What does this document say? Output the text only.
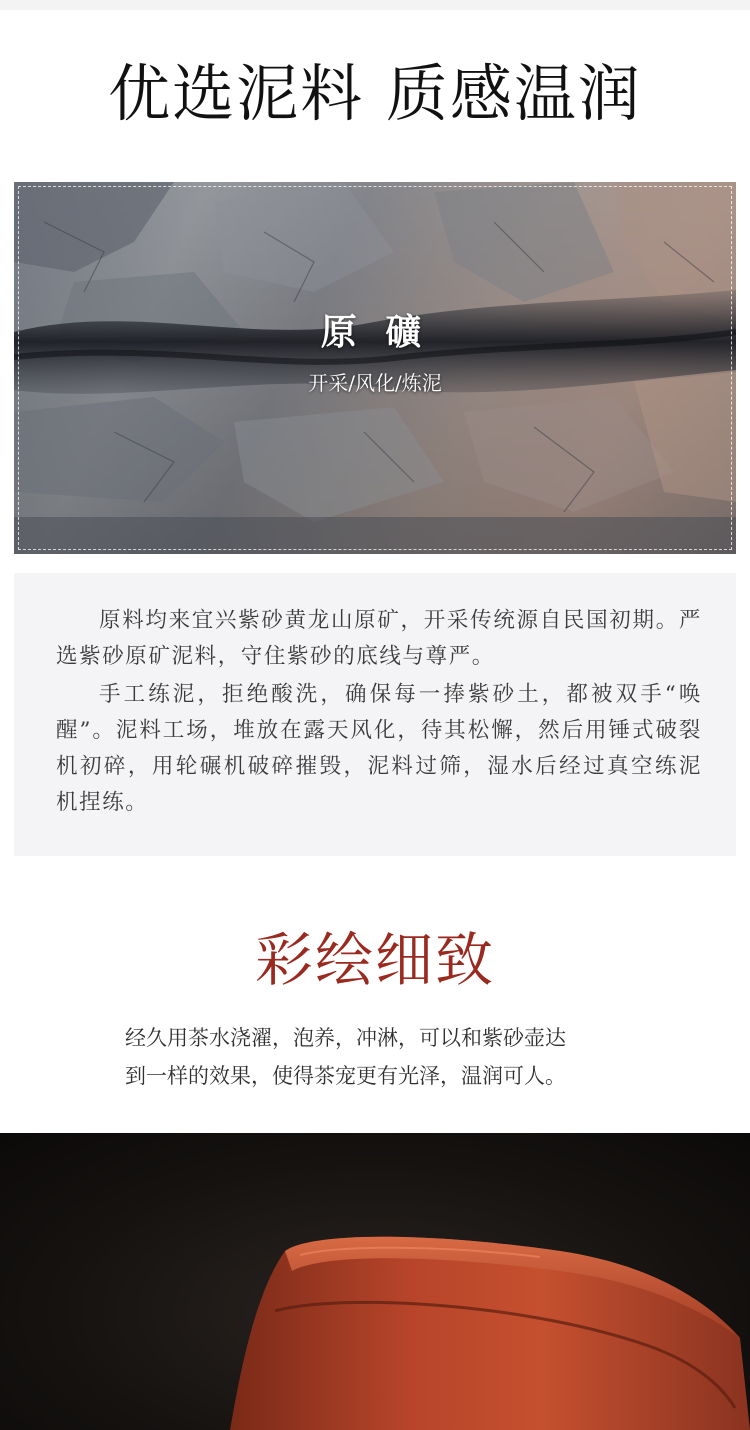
优选泥料 质感温润
原 礦
开采/风化/炼泥

原料均来宜兴紫砂黄龙山原矿，开采传统源自民国初期。严选紫砂原矿泥料，守住紫砂的底线与尊严。

手工练泥，拒绝酸洗，确保每一捧紫砂土，都被双手“唤醒”。泥料工场，堆放在露天风化，待其松懈，然后用锤式破裂机初碎，用轮碾机破碎摧毁，泥料过筛，湿水后经过真空练泥机捏练。

彩绘细致
经久用茶水浇濯，泡养，冲淋，可以和紫砂壶达
到一样的效果，使得茶宠更有光泽，温润可人。
